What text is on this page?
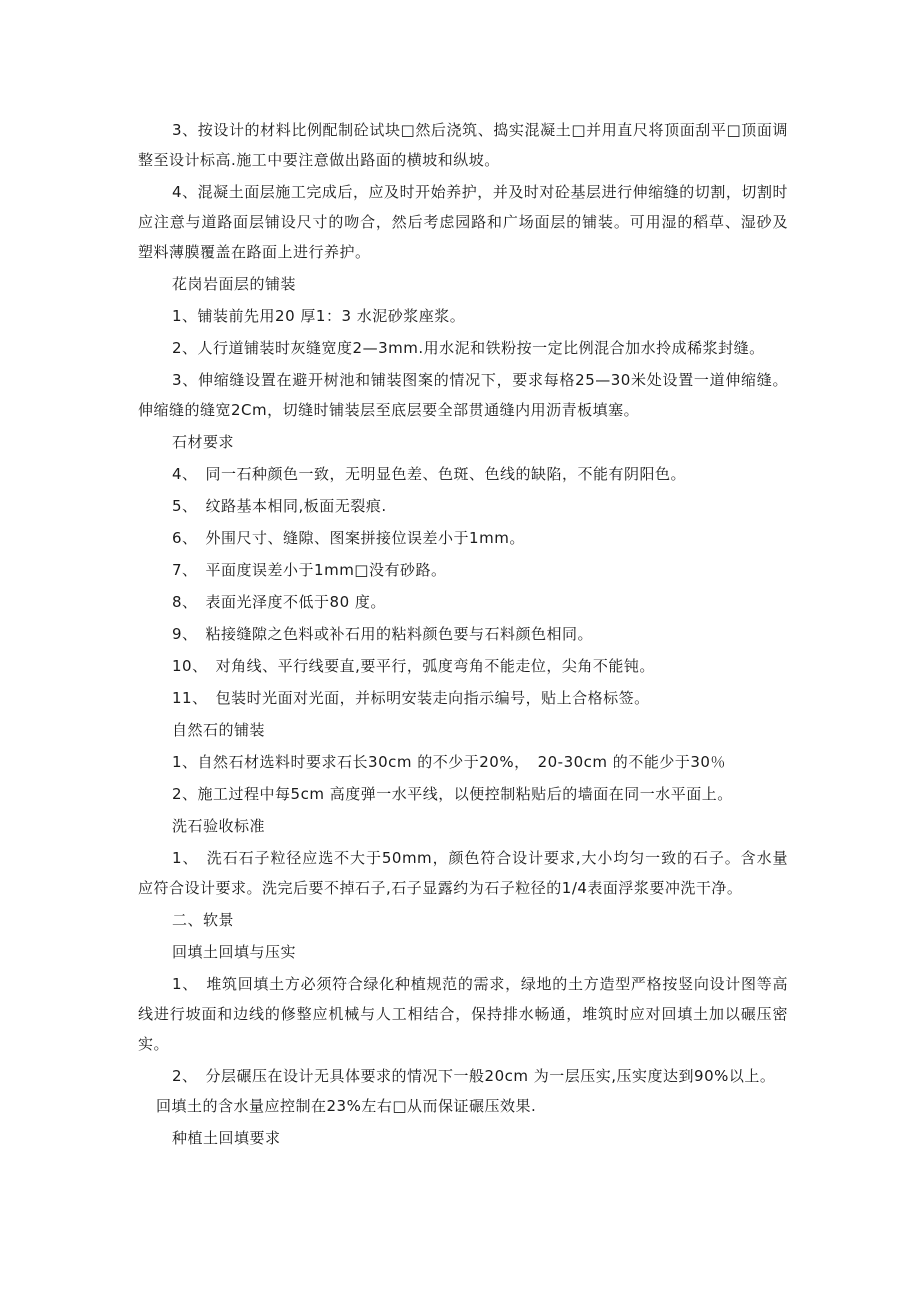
3、按设计的材料比例配制砼试块□然后浇筑、捣实混凝土□并用直尺将顶面刮平□顶面调整至设计标高.施工中要注意做出路面的横坡和纵坡。

4、混凝土面层施工完成后，应及时开始养护，并及时对砼基层进行伸缩缝的切割，切割时应注意与道路面层铺设尺寸的吻合，然后考虑园路和广场面层的铺装。可用湿的稻草、湿砂及塑料薄膜覆盖在路面上进行养护。

花岗岩面层的铺装

1、铺装前先用20 厚1：3 水泥砂浆座浆。

2、人行道铺装时灰缝宽度2—3mm.用水泥和铁粉按一定比例混合加水拎成稀浆封缝。

3、伸缩缝设置在避开树池和铺装图案的情况下，要求每格25—30米处设置一道伸缩缝。伸缩缝的缝宽2Cm，切缝时铺装层至底层要全部贯通缝内用沥青板填塞。

石材要求

4、　同一石种颜色一致，无明显色差、色斑、色线的缺陷，不能有阴阳色。

5、　纹路基本相同,板面无裂痕.

6、　外围尺寸、缝隙、图案拼接位误差小于1mm。

7、　平面度误差小于1mm□没有砂路。

8、　表面光泽度不低于80 度。

9、　粘接缝隙之色料或补石用的粘料颜色要与石料颜色相同。

10、　对角线、平行线要直,要平行，弧度弯角不能走位，尖角不能钝。

11、　包装时光面对光面，并标明安装走向指示编号，贴上合格标签。

自然石的铺装

1、自然石材选料时要求石长30cm 的不少于20%，　20-30cm 的不能少于30％

2、施工过程中每5cm 高度弹一水平线，以便控制粘贴后的墙面在同一水平面上。

洗石验收标准

1、　洗石石子粒径应选不大于50mm，颜色符合设计要求,大小均匀一致的石子。含水量应符合设计要求。洗完后要不掉石子,石子显露约为石子粒径的1/4表面浮浆要冲洗干净。

二、软景

回填土回填与压实

1、　堆筑回填土方必须符合绿化种植规范的需求，绿地的土方造型严格按竖向设计图等高线进行坡面和边线的修整应机械与人工相结合，保持排水畅通，堆筑时应对回填土加以碾压密实。

2、　分层碾压在设计无具体要求的情况下一般20cm 为一层压实,压实度达到90%以上。

回填土的含水量应控制在23%左右□从而保证碾压效果.

种植土回填要求
